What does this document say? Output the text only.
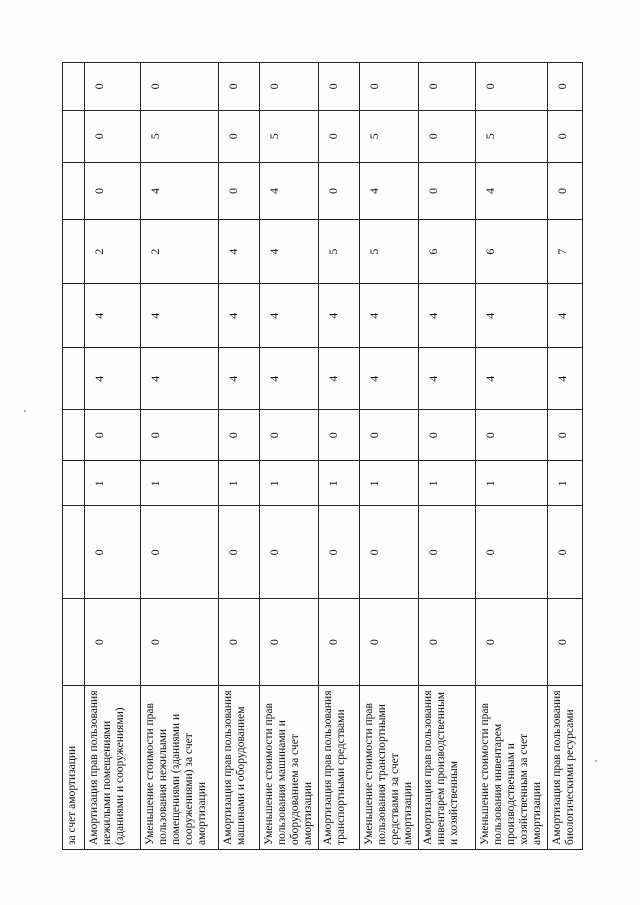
за счет амортизации										
Амортизация прав пользования нежилыми помещениями (зданиями и сооружениями)	0	0	1	0	4	4	2	0	0	0
Уменьшение стоимости прав пользования нежилыми помещениями (зданиями и сооружениями) за счет амортизации	0	0	1	0	4	4	2	4	5	0
Амортизация прав пользования машинами и оборудованием	0	0	1	0	4	4	4	0	0	0
Уменьшение стоимости прав пользования машинами и оборудованием за счет амортизации	0	0	1	0	4	4	4	4	5	0
Амортизация прав пользования транспортными средствами	0	0	1	0	4	4	5	0	0	0
Уменьшение стоимости прав пользования транспортными средствами за счет амортизации	0	0	1	0	4	4	5	4	5	0
Амортизация прав пользования инвентарем производственным и хозяйственным	0	0	1	0	4	4	6	0	0	0
Уменьшение стоимости прав пользования инвентарем производственным и хозяйственным за счет амортизации	0	0	1	0	4	4	6	4	5	0
Амортизация прав пользования биологическими ресурсами	0	0	1	0	4	4	7	0	0	0
